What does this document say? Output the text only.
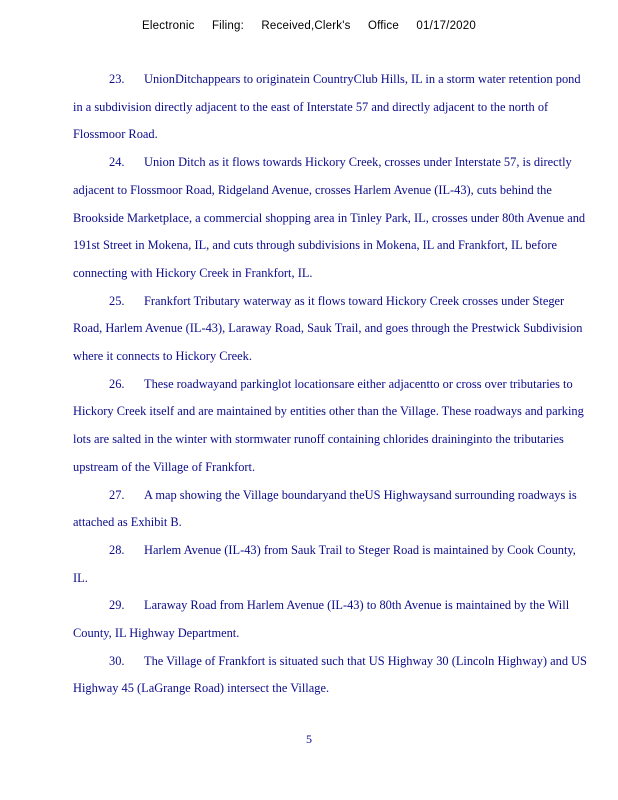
Electronic Filing: Received,Clerk's Office 01/17/2020

23. UnionDitchappears to originatein CountryClub Hills, IL in a storm water retention pond in a subdivision directly adjacent to the east of Interstate 57 and directly adjacent to the north of Flossmoor Road.

24. Union Ditch as it flows towards Hickory Creek, crosses under Interstate 57, is directly adjacent to Flossmoor Road, Ridgeland Avenue, crosses Harlem Avenue (IL-43), cuts behind the Brookside Marketplace, a commercial shopping area in Tinley Park, IL, crosses under 80th Avenue and 191st Street in Mokena, IL, and cuts through subdivisions in Mokena, IL and Frankfort, IL before connecting with Hickory Creek in Frankfort, IL.

25. Frankfort Tributary waterway as it flows toward Hickory Creek crosses under Steger Road, Harlem Avenue (IL-43), Laraway Road, Sauk Trail, and goes through the Prestwick Subdivision where it connects to Hickory Creek.

26. These roadwayand parkinglot locationsare either adjacentto or cross over tributaries to Hickory Creek itself and are maintained by entities other than the Village. These roadways and parking lots are salted in the winter with stormwater runoff containing chlorides draininginto the tributaries upstream of the Village of Frankfort.

27. A map showing the Village boundaryand theUS Highwaysand surrounding roadways is attached as Exhibit B.

28. Harlem Avenue (IL-43) from Sauk Trail to Steger Road is maintained by Cook County, IL.

29. Laraway Road from Harlem Avenue (IL-43) to 80th Avenue is maintained by the Will County, IL Highway Department.

30. The Village of Frankfort is situated such that US Highway 30 (Lincoln Highway) and US Highway 45 (LaGrange Road) intersect the Village.

5
